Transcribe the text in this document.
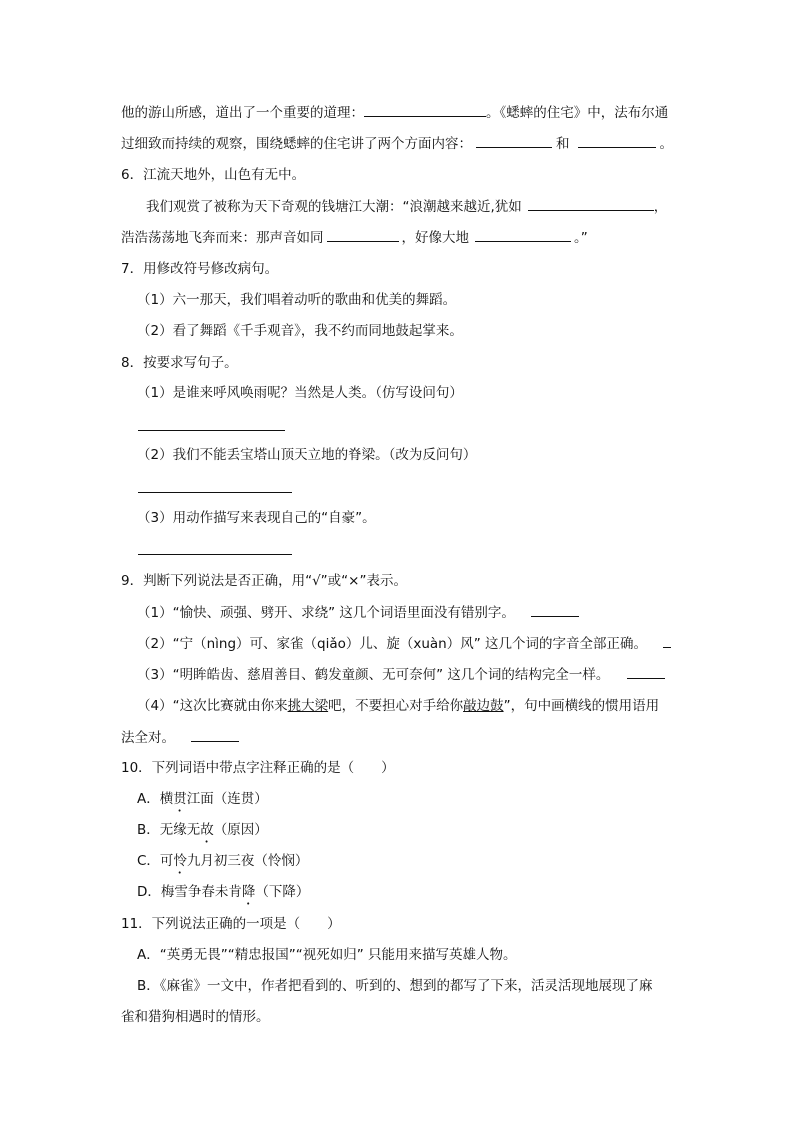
他的游山所感，道出了一个重要的道理：	。《蟋蟀的住宅》中，法布尔通
过细致而持续的观察，围绕蟋蟀的住宅讲了两个方面内容：	和	。
6．江流天地外，山色有无中。
我们观赏了被称为天下奇观的钱塘江大潮：“浪潮越来越近,犹如	，
浩浩荡荡地飞奔而来：那声音如同	，好像大地	。”
7．用修改符号修改病句。
（1）六一那天，我们唱着动听的歌曲和优美的舞蹈。
（2）看了舞蹈《千手观音》，我不约而同地鼓起掌来。
8．按要求写句子。
（1）是谁来呼风唤雨呢？当然是人类。（仿写设问句）
（2）我们不能丢宝塔山顶天立地的脊梁。（改为反问句）
（3）用动作描写来表现自己的“自豪”。
9．判断下列说法是否正确，用“√”或“×”表示。
（1）“愉快、顽强、劈开、求绕” 这几个词语里面没有错别字。
（2）“宁（nìng）可、家雀（qiǎo）儿、旋（xuàn）风” 这几个词的字音全部正确。
（3）“明眸皓齿、慈眉善目、鹤发童颜、无可奈何” 这几个词的结构完全一样。
（4）“这次比赛就由你来挑大梁吧，不要担心对手给你敲边鼓”，句中画横线的惯用语用
法全对。
10．下列词语中带点字注释正确的是（　　）
A．横贯江面（连贯）
B．无缘无故（原因）
C．可怜九月初三夜（怜悯）
D．梅雪争春未肯降（下降）
11．下列说法正确的一项是（　　）
A．“英勇无畏”“精忠报国”“视死如归” 只能用来描写英雄人物。
B．《麻雀》一文中，作者把看到的、听到的、想到的都写了下来，活灵活现地展现了麻
雀和猎狗相遇时的情形。
